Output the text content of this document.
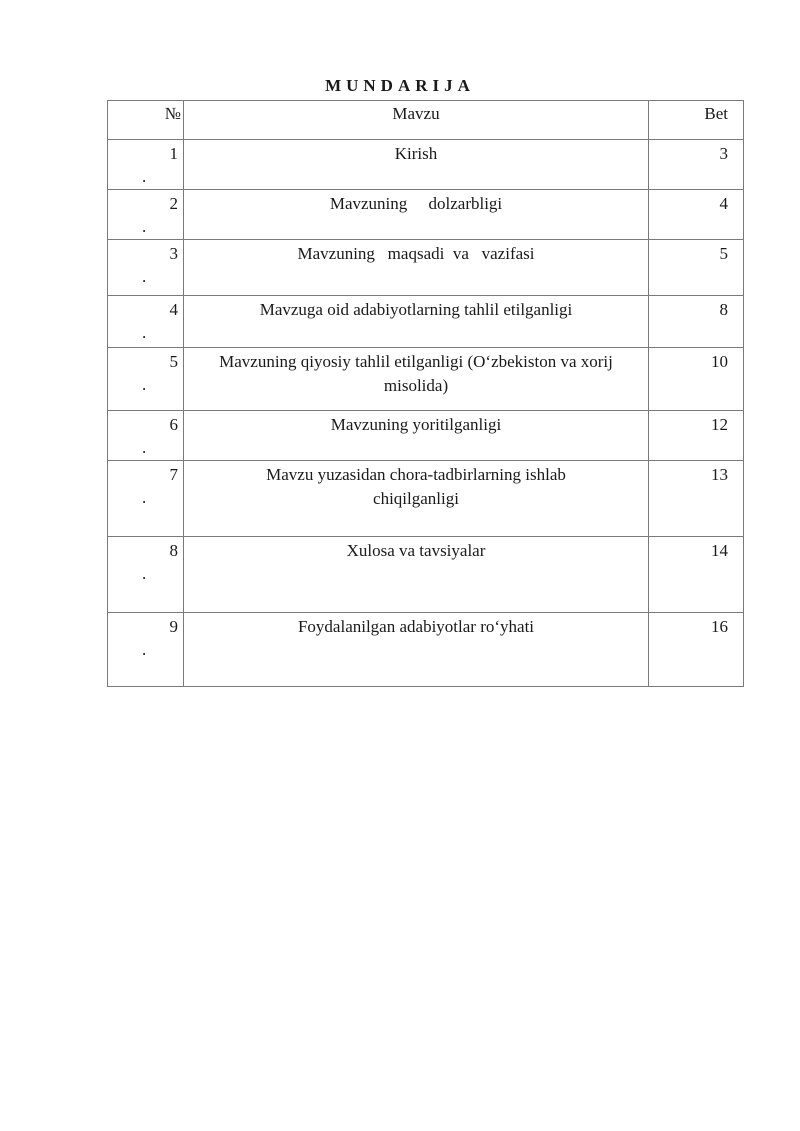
MUNDARIJA
№	Mavzu	Bet

1
.	Kirish	3

2
.	Mavzuning     dolzarbligi	4

3
.	Mavzuning   maqsadi  va   vazifasi	5

4
.	Mavzuga oid adabiyotlarning tahlil etilganligi	8

5
.	Mavzuning qiyosiy tahlil etilganligi (O‘zbekiston va xorij misolida)	10

6
.	Mavzuning yoritilganligi	12

7
.	Mavzu yuzasidan chora-tadbirlarning ishlab chiqilganligi	13

8
.	Xulosa va tavsiyalar	14

9
.	Foydalanilgan adabiyotlar ro‘yhati	16
